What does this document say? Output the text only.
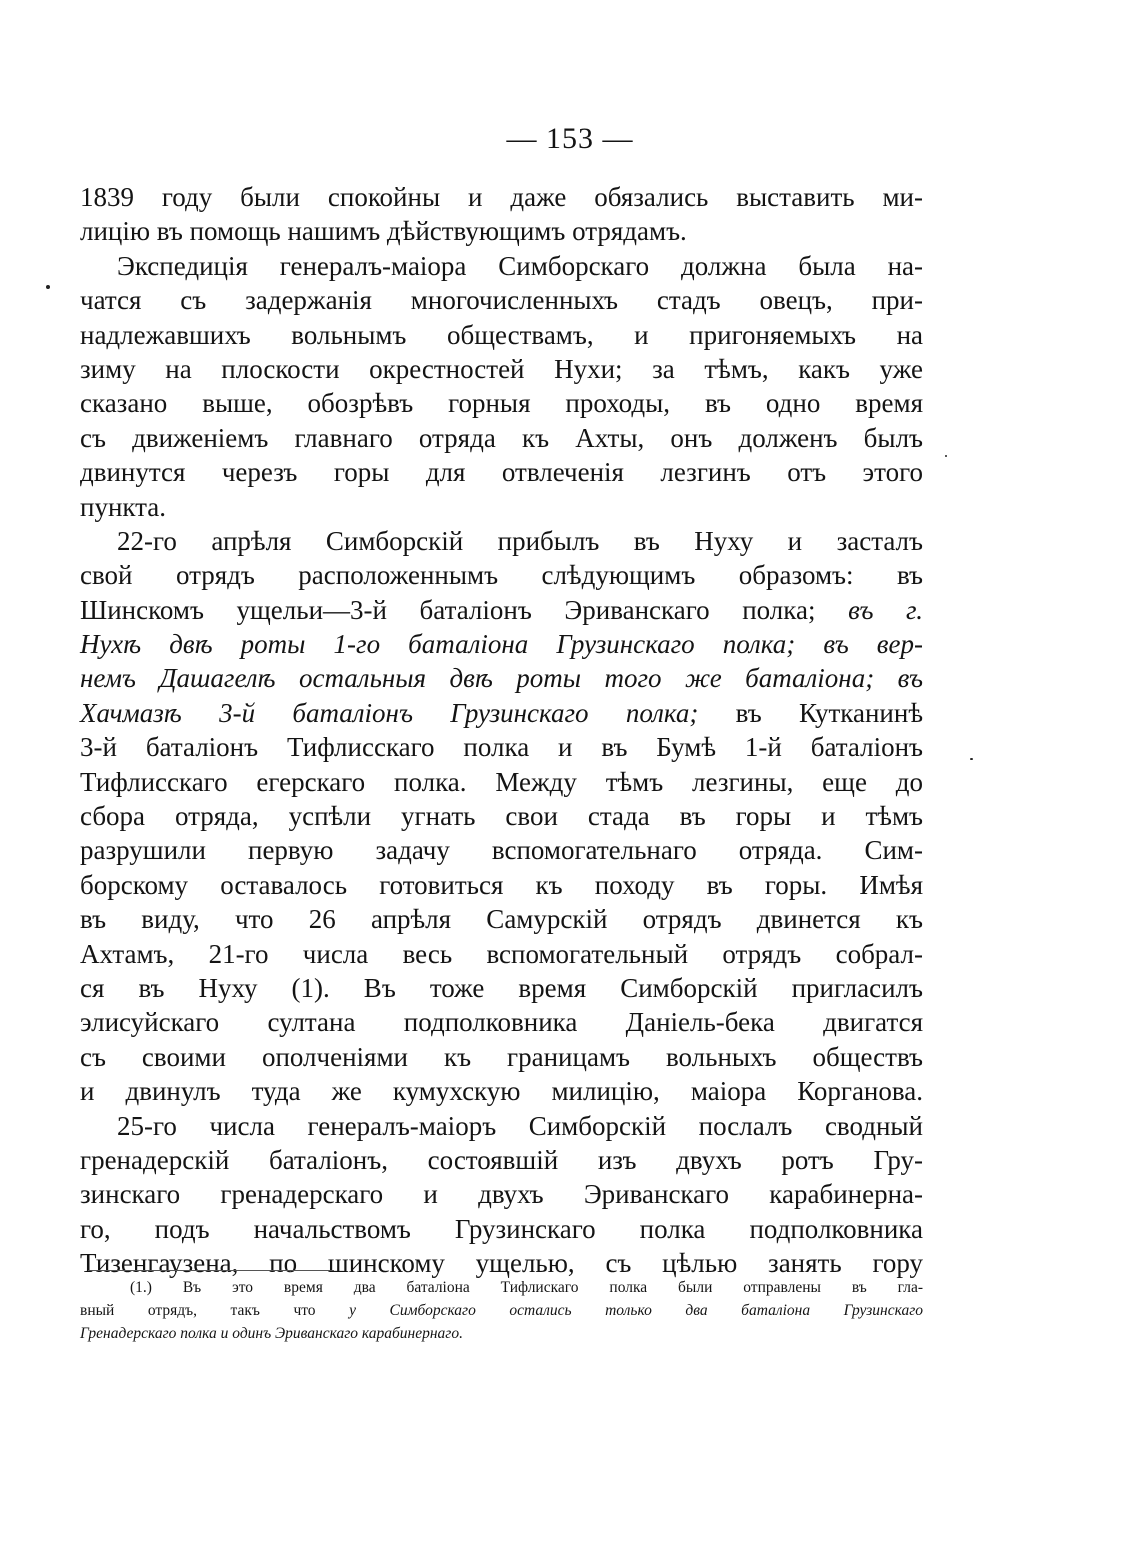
— 153 —
1839 году были спокойны и даже обязались выставить ми-
лицію въ помощь нашимъ дѣйствующимъ отрядамъ.
Экспедиція генералъ-маіора Симборскаго должна была на-
чатся съ задержанія многочисленныхъ стадъ овецъ, при-
надлежавшихъ вольнымъ обществамъ, и пригоняемыхъ на
зиму на плоскости окрестностей Нухи; за тѣмъ, какъ уже
сказано выше, обозрѣвъ горныя проходы, въ одно время
съ движеніемъ главнаго отряда къ Ахты, онъ долженъ былъ
двинутся черезъ горы для отвлеченія лезгинъ отъ этого
пункта.
22-го апрѣля Симборскій прибылъ въ Нуху и засталъ
свой отрядъ расположеннымъ слѣдующимъ образомъ: въ
Шинскомъ ущельи—3-й баталіонъ Эриванскаго полка; въ г.
Нухѣ двѣ роты 1-го баталіона Грузинскаго полка; въ вер-
немъ Дашагелѣ остальныя двѣ роты того же баталіона; въ
Хачмазѣ 3-й баталіонъ Грузинскаго полка; въ Кутканинѣ
3-й баталіонъ Тифлисскаго полка и въ Бумѣ 1-й баталіонъ
Тифлисскаго егерскаго полка. Между тѣмъ лезгины, еще до
сбора отряда, успѣли угнать свои стада въ горы и тѣмъ
разрушили первую задачу вспомогательнаго отряда. Сим-
борскому оставалось готовиться къ походу въ горы. Имѣя
въ виду, что 26 апрѣля Самурскій отрядъ двинется къ
Ахтамъ, 21-го числа весь вспомогательный отрядъ собрал-
ся въ Нуху (1). Въ тоже время Симборскій пригласилъ
элисуйскаго султана подполковника Даніель-бека двигатся
съ своими ополченіями къ границамъ вольныхъ обществъ
и двинулъ туда же кумухскую милицію, маіора Корганова.
25-го числа генералъ-маіоръ Симборскій послалъ сводный
гренадерскій баталіонъ, состоявшій изъ двухъ ротъ Гру-
зинскаго гренадерскаго и двухъ Эриванскаго карабинерна-
го, подъ начальствомъ Грузинскаго полка подполковника
Тизенгаузена, по шинскому ущелью, съ цѣлью занять гору
(1.) Въ это время два баталіона Тифлискаго полка были отправлены въ гла-
вный отрядъ, такъ что у Симборскаго остались только два баталіона Грузинскаго
Гренадерскаго полка и одинъ Эриванскаго карабинернаго.
